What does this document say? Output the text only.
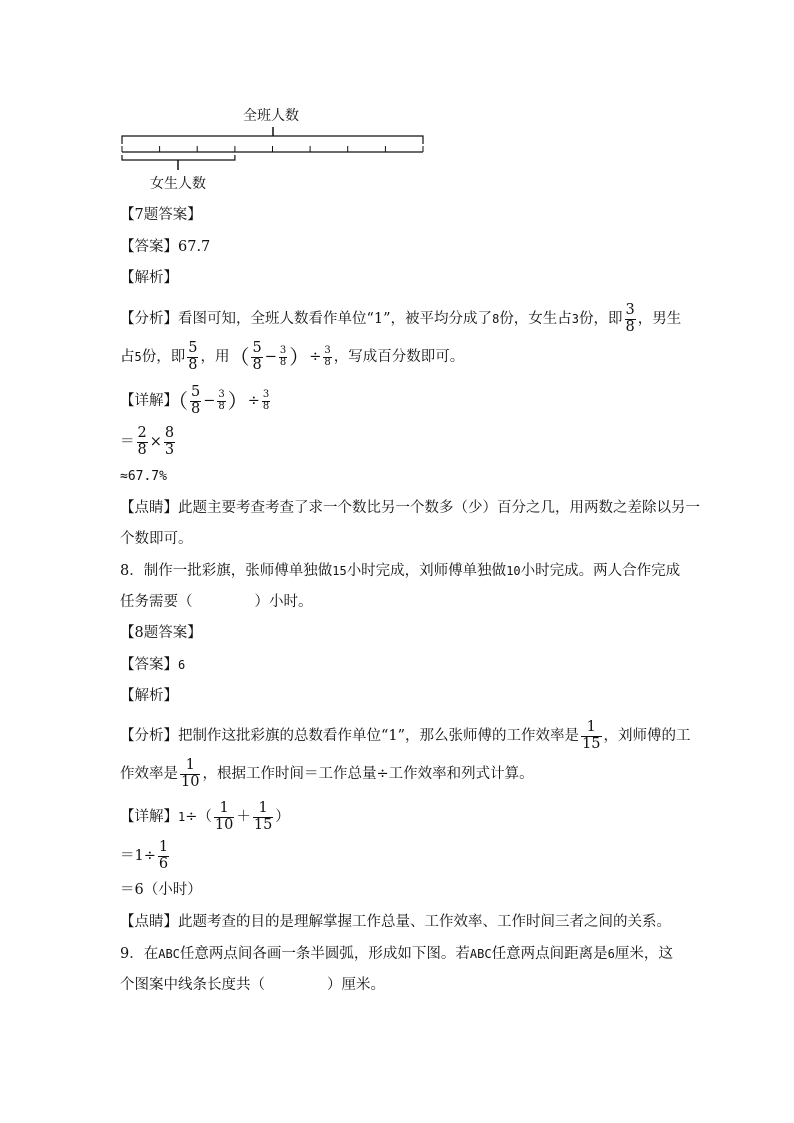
全班人数
女生人数
【7题答案】
【答案】67.7
【解析】
【分析】看图可知，全班人数看作单位“1”，被平均分成了8份，女生占3份，即 $\frac{3}{8}$ ，男生
占5份，即 $\frac{5}{8}$ ，用（ $\frac{5}{8} - \frac{3}{8}$ ）÷ $\frac{3}{8}$ ，写成百分数即可。
【详解】（ $\frac{5}{8} - \frac{3}{8}$ ）÷ $\frac{3}{8}$
＝ $\frac{2}{8} \times \frac{8}{3}$
≈67.7%
【点睛】此题主要考查考查了求一个数比另一个数多（少）百分之几，用两数之差除以另一
个数即可。
8．制作一批彩旗，张师傅单独做15小时完成，刘师傅单独做10小时完成。两人合作完成
任务需要（	）小时。
【8题答案】
【答案】6
【解析】
【分析】把制作这批彩旗的总数看作单位“1”，那么张师傅的工作效率是 $\frac{1}{15}$ ，刘师傅的工
作效率是 $\frac{1}{10}$ ，根据工作时间＝工作总量÷工作效率和列式计算。
【详解】$1\div( \frac{1}{10} + \frac{1}{15}$ ）
$=1\div \frac{1}{6}$
＝6（小时）
【点睛】此题考查的目的是理解掌握工作总量、工作效率、工作时间三者之间的关系。
9．在ABC任意两点间各画一条半圆弧，形成如下图。若ABC任意两点间距离是6厘米，这
个图案中线条长度共（	）厘米。
